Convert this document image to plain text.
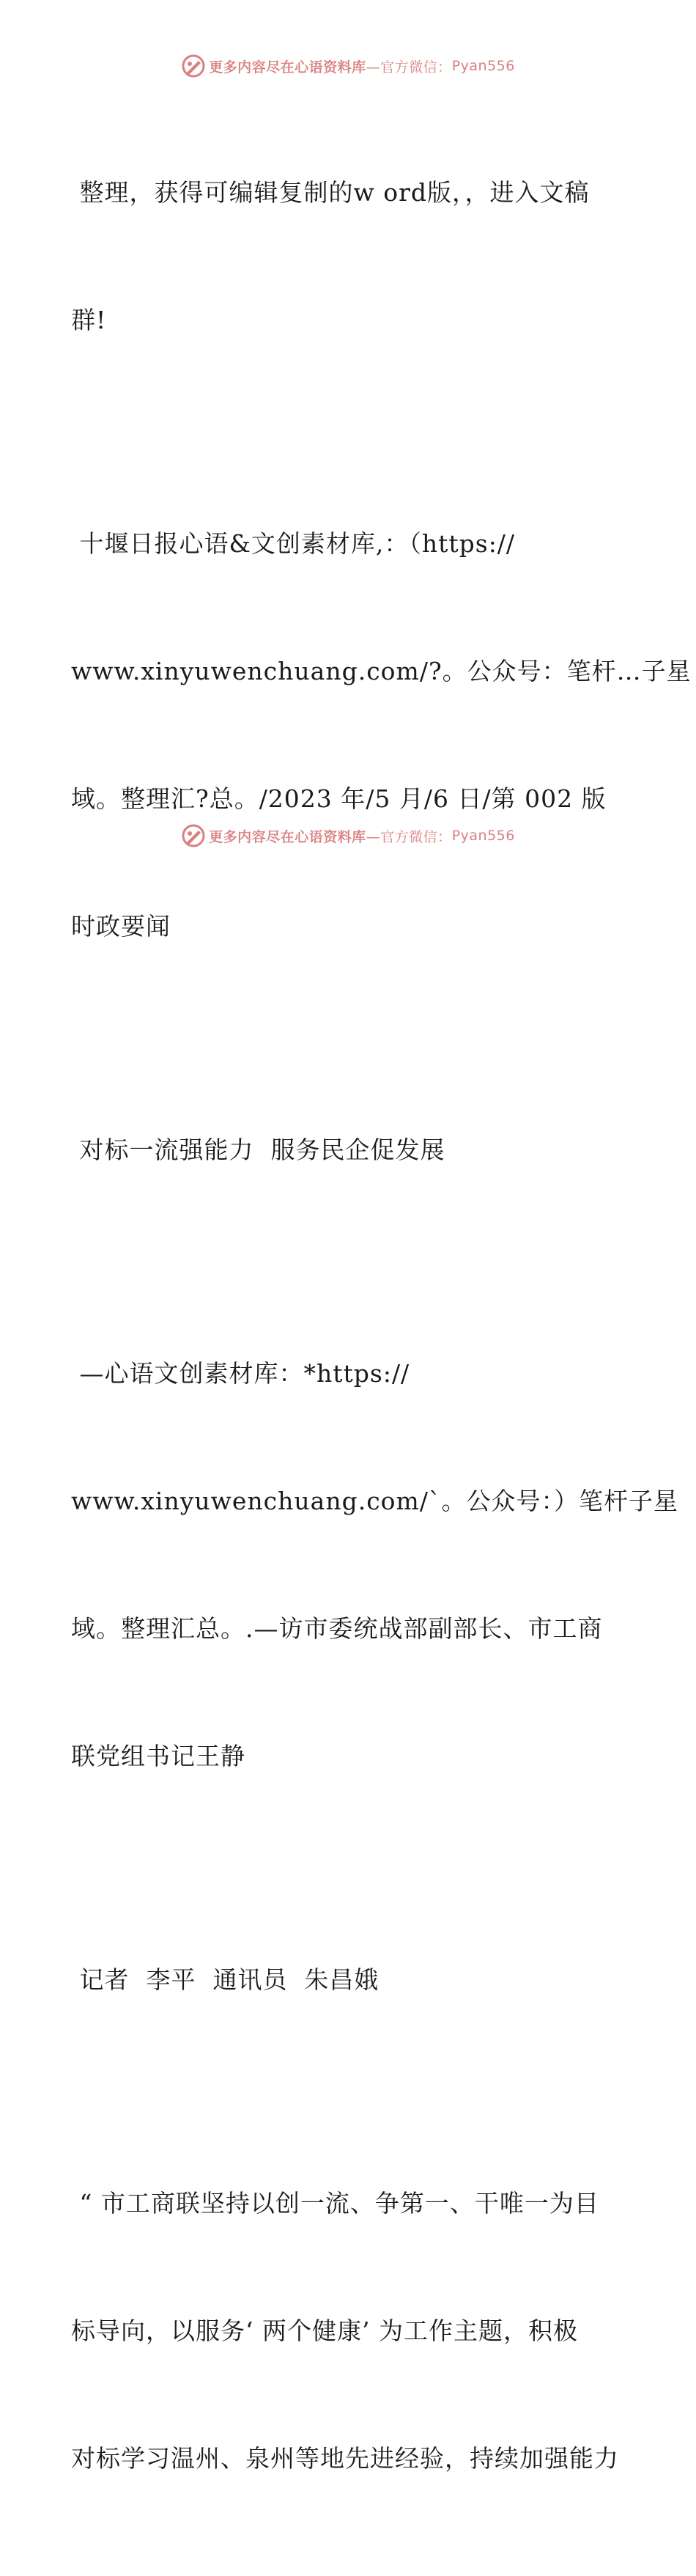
更多内容尽在心语资料库 —官方微信： Pyan556

整理，获得可编辑复制的w ord版，，进入文稿

群!

十堰日报心语&文创素材库,：（https://

www.xinyuwenchuang.com/?。公众号：笔杆…子星

域。整理汇?总。/2023 年/5 月/6 日/第 002 版

时政要闻

对标一流强能力  服务民企促发展

—心语文创素材库：*https://

www.xinyuwenchuang.com/`。公众号：）笔杆子星

域。整理汇总。.—访市委统战部副部长、市工商

联党组书记王静

记者  李平  通讯员  朱昌娥

“ 市工商联坚持以创一流、争第一、干唯一为目

标导向，以服务‘ 两个健康’ 为工作主题，积极

对标学习温州、泉州等地先进经验，持续加强能力

更多内容尽在心语资料库 —官方微信： Pyan556
